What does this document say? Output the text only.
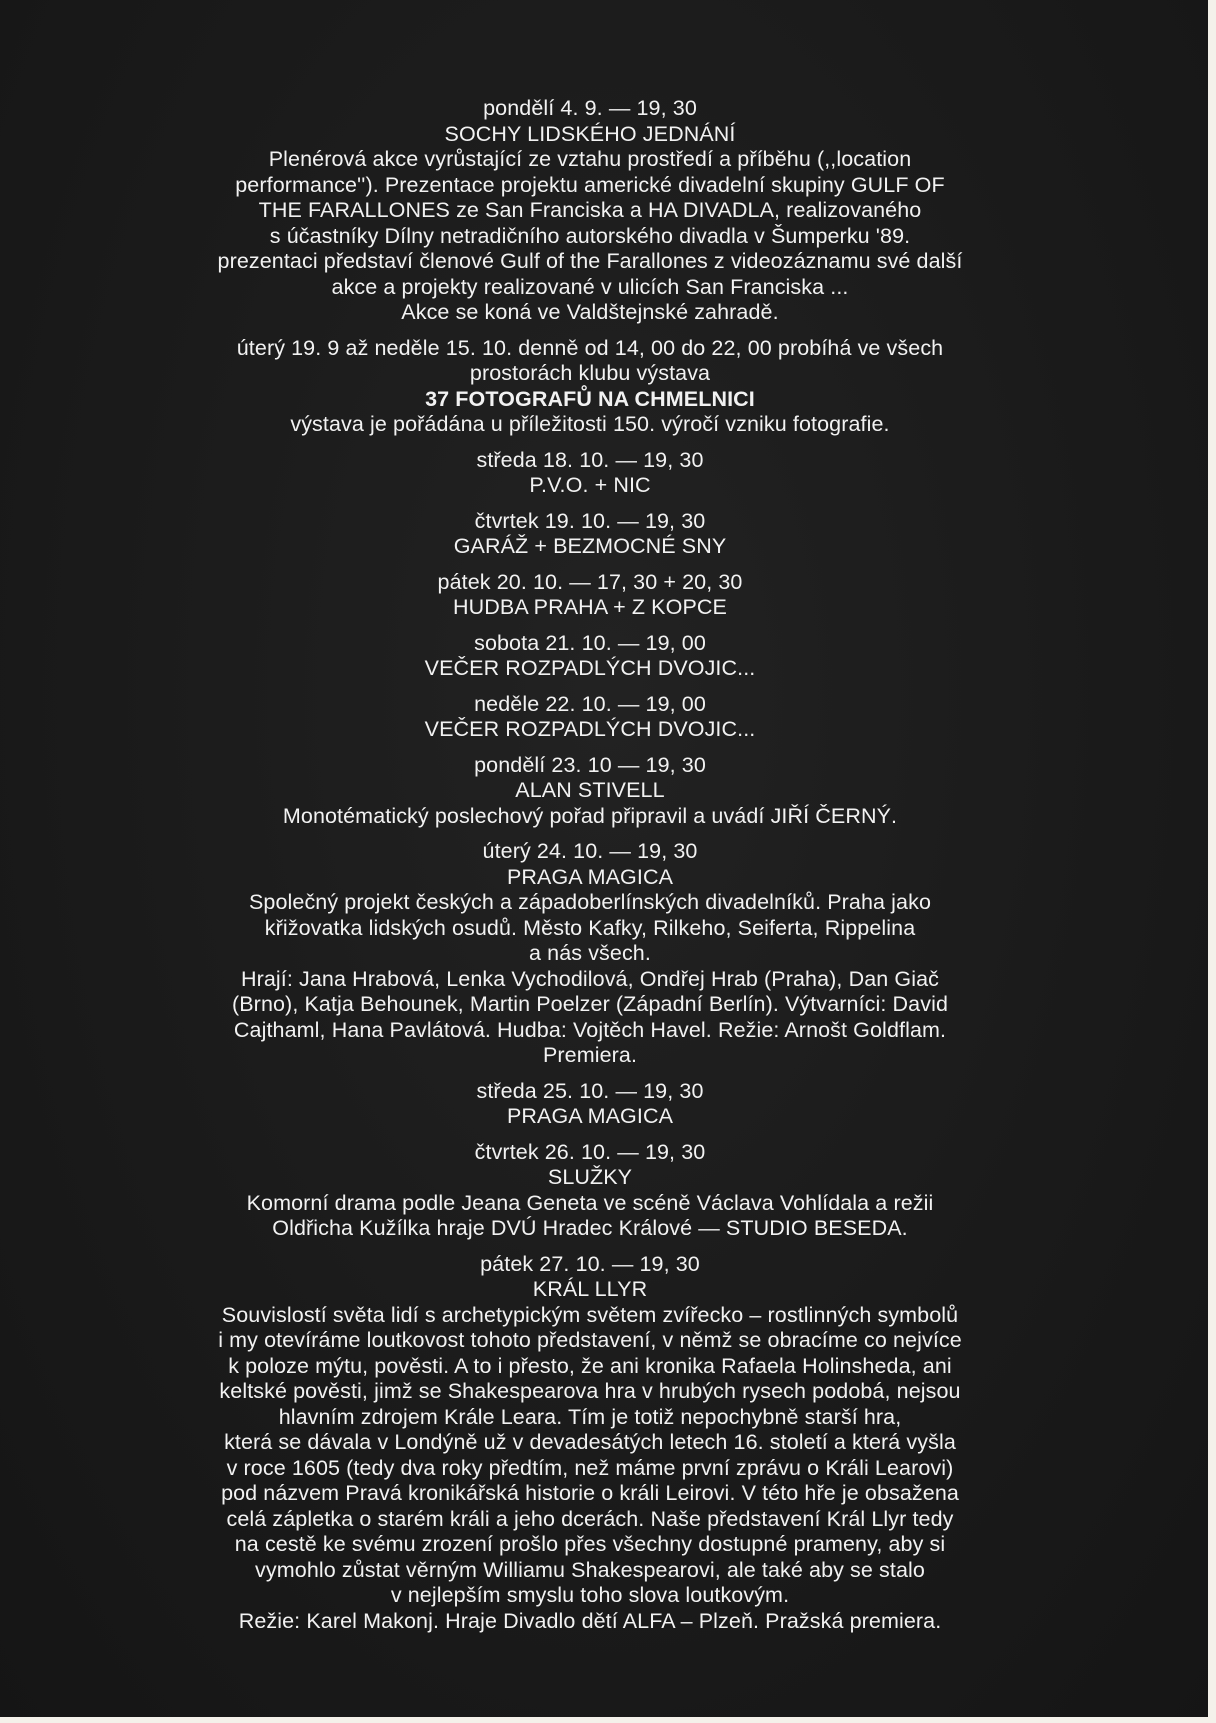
pondělí 4. 9. — 19, 30
SOCHY LIDSKÉHO JEDNÁNÍ
Plenérová akce vyrůstající ze vztahu prostředí a příběhu (,,location
performance''). Prezentace projektu americké divadelní skupiny GULF OF
THE FARALLONES ze San Franciska a HA DIVADLA, realizovaného
s účastníky Dílny netradičního autorského divadla v Šumperku '89.
prezentaci představí členové Gulf of the Farallones z videozáznamu své další
akce a projekty realizované v ulicích San Franciska ...
Akce se koná ve Valdštejnské zahradě.
úterý 19. 9 až neděle 15. 10. denně od 14, 00 do 22, 00 probíhá ve všech
prostorách klubu výstava
37 FOTOGRAFŮ NA CHMELNICI
výstava je pořádána u příležitosti 150. výročí vzniku fotografie.
středa 18. 10. — 19, 30
P.V.O. + NIC
čtvrtek 19. 10. — 19, 30
GARÁŽ + BEZMOCNÉ SNY
pátek 20. 10. — 17, 30 + 20, 30
HUDBA PRAHA + Z KOPCE
sobota 21. 10. — 19, 00
VEČER ROZPADLÝCH DVOJIC...
neděle 22. 10. — 19, 00
VEČER ROZPADLÝCH DVOJIC...
pondělí 23. 10 — 19, 30
ALAN STIVELL
Monotématický poslechový pořad připravil a uvádí JIŘÍ ČERNÝ.
úterý 24. 10. — 19, 30
PRAGA MAGICA
Společný projekt českých a západoberlínských divadelníků. Praha jako
křižovatka lidských osudů. Město Kafky, Rilkeho, Seiferta, Rippelina
a nás všech.
Hrají: Jana Hrabová, Lenka Vychodilová, Ondřej Hrab (Praha), Dan Giač
(Brno), Katja Behounek, Martin Poelzer (Západní Berlín). Výtvarníci: David
Cajthaml, Hana Pavlátová. Hudba: Vojtěch Havel. Režie: Arnošt Goldflam.
Premiera.
středa 25. 10. — 19, 30
PRAGA MAGICA
čtvrtek 26. 10. — 19, 30
SLUŽKY
Komorní drama podle Jeana Geneta ve scéně Václava Vohlídala a režii
Oldřicha Kužílka hraje DVÚ Hradec Králové — STUDIO BESEDA.
pátek 27. 10. — 19, 30
KRÁL LLYR
Souvislostí světa lidí s archetypickým světem zvířecko – rostlinných symbolů
i my otevíráme loutkovost tohoto představení, v němž se obracíme co nejvíce
k poloze mýtu, pověsti. A to i přesto, že ani kronika Rafaela Holinsheda, ani
keltské pověsti, jimž se Shakespearova hra v hrubých rysech podobá, nejsou
hlavním zdrojem Krále Leara. Tím je totiž nepochybně starší hra,
která se dávala v Londýně už v devadesátých letech 16. století a která vyšla
v roce 1605 (tedy dva roky předtím, než máme první zprávu o Králi Learovi)
pod názvem Pravá kronikářská historie o králi Leirovi. V této hře je obsažena
celá zápletka o starém králi a jeho dcerách. Naše představení Král Llyr tedy
na cestě ke svému zrození prošlo přes všechny dostupné prameny, aby si
vymohlo zůstat věrným Williamu Shakespearovi, ale také aby se stalo
v nejlepším smyslu toho slova loutkovým.
Režie: Karel Makonj. Hraje Divadlo dětí ALFA – Plzeň. Pražská premiera.
